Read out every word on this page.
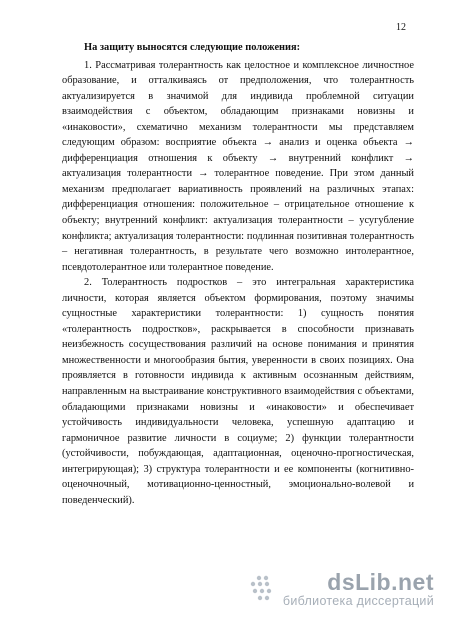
12

На защиту выносятся следующие положения:

1. Рассматривая толерантность как целостное и комплексное личностное образование, и отталкиваясь от предположения, что толерантность актуализируется в значимой для индивида проблемной ситуации взаимодействия с объектом, обладающим признаками новизны и «инаковости», схематично механизм толерантности мы представляем следующим образом: восприятие объекта → анализ и оценка объекта → дифференциация отношения к объекту → внутренний конфликт → актуализация толерантности → толерантное поведение. При этом данный механизм предполагает вариативность проявлений на различных этапах: дифференциация отношения: положительное – отрицательное отношение к объекту; внутренний конфликт: актуализация толерантности – усугубление конфликта; актуализация толерантности: подлинная позитивная толерантность – негативная толерантность, в результате чего возможно интолерантное, псевдотолерантное или толерантное поведение.

2. Толерантность подростков – это интегральная характеристика личности, которая является объектом формирования, поэтому значимы сущностные характеристики толерантности: 1) сущность понятия «толерантность подростков», раскрывается в способности признавать неизбежность сосуществования различий на основе понимания и принятия множественности и многообразия бытия, уверенности в своих позициях. Она проявляется в готовности индивида к активным осознанным действиям, направленным на выстраивание конструктивного взаимодействия с объектами, обладающими признаками новизны и «инаковости» и обеспечивает устойчивость индивидуальности человека, успешную адаптацию и гармоничное развитие личности в социуме; 2) функции толерантности (устойчивости, побуждающая, адаптационная, оценочно-прогностическая, интегрирующая); 3) структура толерантности и ее компоненты (когнитивно-оценочночный, мотивационно-ценностный, эмоционально-волевой и поведенческий).

dsLib.net
библиотека диссертаций
